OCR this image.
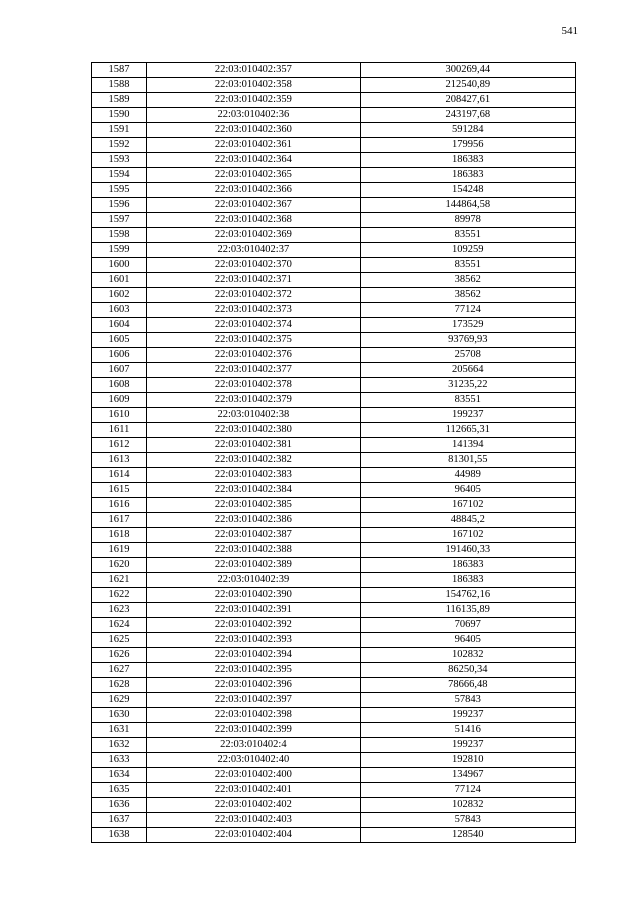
541
1587	22:03:010402:357	300269,44
1588	22:03:010402:358	212540,89
1589	22:03:010402:359	208427,61
1590	22:03:010402:36	243197,68
1591	22:03:010402:360	591284
1592	22:03:010402:361	179956
1593	22:03:010402:364	186383
1594	22:03:010402:365	186383
1595	22:03:010402:366	154248
1596	22:03:010402:367	144864,58
1597	22:03:010402:368	89978
1598	22:03:010402:369	83551
1599	22:03:010402:37	109259
1600	22:03:010402:370	83551
1601	22:03:010402:371	38562
1602	22:03:010402:372	38562
1603	22:03:010402:373	77124
1604	22:03:010402:374	173529
1605	22:03:010402:375	93769,93
1606	22:03:010402:376	25708
1607	22:03:010402:377	205664
1608	22:03:010402:378	31235,22
1609	22:03:010402:379	83551
1610	22:03:010402:38	199237
1611	22:03:010402:380	112665,31
1612	22:03:010402:381	141394
1613	22:03:010402:382	81301,55
1614	22:03:010402:383	44989
1615	22:03:010402:384	96405
1616	22:03:010402:385	167102
1617	22:03:010402:386	48845,2
1618	22:03:010402:387	167102
1619	22:03:010402:388	191460,33
1620	22:03:010402:389	186383
1621	22:03:010402:39	186383
1622	22:03:010402:390	154762,16
1623	22:03:010402:391	116135,89
1624	22:03:010402:392	70697
1625	22:03:010402:393	96405
1626	22:03:010402:394	102832
1627	22:03:010402:395	86250,34
1628	22:03:010402:396	78666,48
1629	22:03:010402:397	57843
1630	22:03:010402:398	199237
1631	22:03:010402:399	51416
1632	22:03:010402:4	199237
1633	22:03:010402:40	192810
1634	22:03:010402:400	134967
1635	22:03:010402:401	77124
1636	22:03:010402:402	102832
1637	22:03:010402:403	57843
1638	22:03:010402:404	128540
